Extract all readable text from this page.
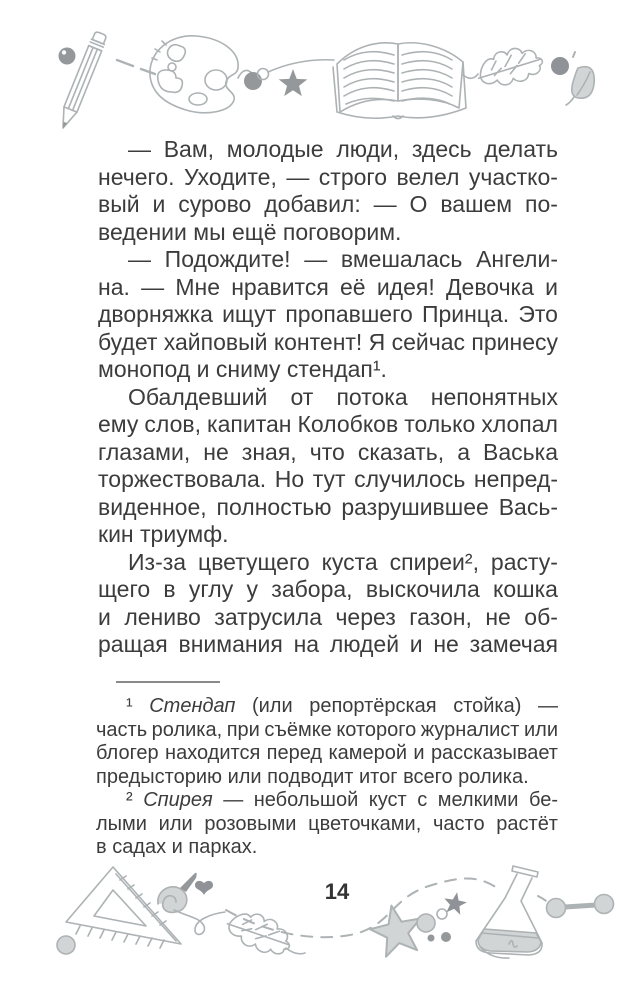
— Вам, молодые люди, здесь делать
нечего. Уходите, — строго велел участко-
вый и сурово добавил: — О вашем по-
ведении мы ещё поговорим.
— Подождите! — вмешалась Ангели-
на. — Мне нравится её идея! Девочка и
дворняжка ищут пропавшего Принца. Это
будет хайповый контент! Я сейчас принесу
монопод и сниму стендап¹.
Обалдевший от потока непонятных
ему слов, капитан Колобков только хлопал
глазами, не зная, что сказать, а Васька
торжествовала. Но тут случилось непред-
виденное, полностью разрушившее Вась-
кин триумф.
Из-за цветущего куста спиреи², расту-
щего в углу у забора, выскочила кошка
и лениво затрусила через газон, не об-
ращая внимания на людей и не замечая
¹ Стендап (или репортёрская стойка) —
часть ролика, при съёмке которого журналист или
блогер находится перед камерой и рассказывает
предысторию или подводит итог всего ролика.
² Спирея — небольшой куст с мелкими бе-
лыми или розовыми цветочками, часто растёт
в садах и парках.
14
